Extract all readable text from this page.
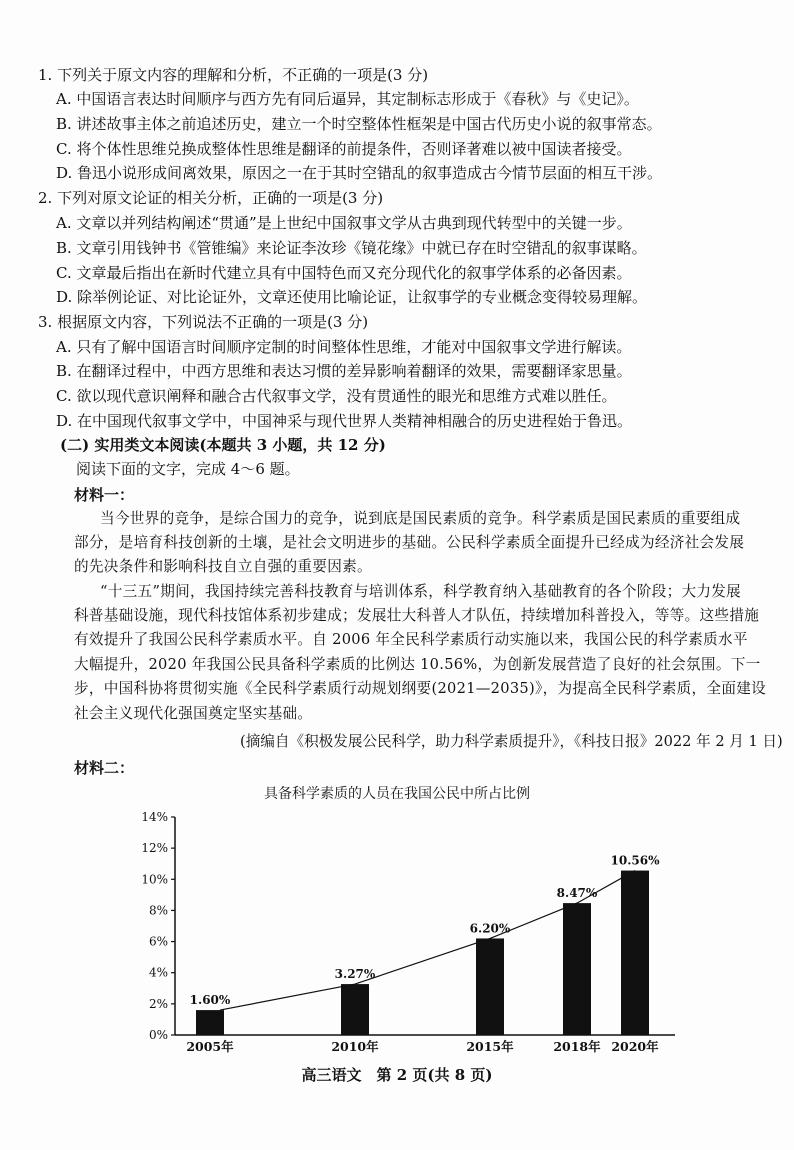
1. 下列关于原文内容的理解和分析，不正确的一项是(3 分)
A. 中国语言表达时间顺序与西方先有同后逼异，其定制标志形成于《春秋》与《史记》。
B. 讲述故事主体之前追述历史，建立一个时空整体性框架是中国古代历史小说的叙事常态。
C. 将个体性思维兑换成整体性思维是翻译的前提条件，否则译著难以被中国读者接受。
D. 鲁迅小说形成间离效果，原因之一在于其时空错乱的叙事造成古今情节层面的相互干涉。
2. 下列对原文论证的相关分析，正确的一项是(3 分)
A. 文章以并列结构阐述“贯通”是上世纪中国叙事文学从古典到现代转型中的关键一步。
B. 文章引用钱钟书《管锥编》来论证李汝珍《镜花缘》中就已存在时空错乱的叙事谋略。
C. 文章最后指出在新时代建立具有中国特色而又充分现代化的叙事学体系的必备因素。
D. 除举例论证、对比论证外，文章还使用比喻论证，让叙事学的专业概念变得较易理解。
3. 根据原文内容，下列说法不正确的一项是(3 分)
A. 只有了解中国语言时间顺序定制的时间整体性思维，才能对中国叙事文学进行解读。
B. 在翻译过程中，中西方思维和表达习惯的差异影响着翻译的效果，需要翻译家思量。
C. 欲以现代意识阐释和融合古代叙事文学，没有贯通性的眼光和思维方式难以胜任。
D. 在中国现代叙事文学中，中国神采与现代世界人类精神相融合的历史进程始于鲁迅。
(二) 实用类文本阅读(本题共 3 小题，共 12 分)
阅读下面的文字，完成 4～6 题。
材料一：
当今世界的竞争，是综合国力的竞争，说到底是国民素质的竞争。科学素质是国民素质的重要组成
部分，是培育科技创新的土壤，是社会文明进步的基础。公民科学素质全面提升已经成为经济社会发展
的先决条件和影响科技自立自强的重要因素。
“十三五”期间，我国持续完善科技教育与培训体系，科学教育纳入基础教育的各个阶段；大力发展
科普基础设施，现代科技馆体系初步建成；发展壮大科普人才队伍，持续增加科普投入，等等。这些措施
有效提升了我国公民科学素质水平。自 2006 年全民科学素质行动实施以来，我国公民的科学素质水平
大幅提升，2020 年我国公民具备科学素质的比例达 10.56%，为创新发展营造了良好的社会氛围。下一
步，中国科协将贯彻实施《全民科学素质行动规划纲要(2021—2035)》，为提高全民科学素质，全面建设
社会主义现代化强国奠定坚实基础。
(摘编自《积极发展公民科学，助力科学素质提升》，《科技日报》2022 年 2 月 1 日)
材料二：
具备科学素质的人员在我国公民中所占比例
0%
2%
4%
6%
8%
10%
12%
14%
1.60%
3.27%
6.20%
8.47%
10.56%
2005年	2010年	2015年	2018年 2020年
高三语文　第 2 页(共 8 页)
